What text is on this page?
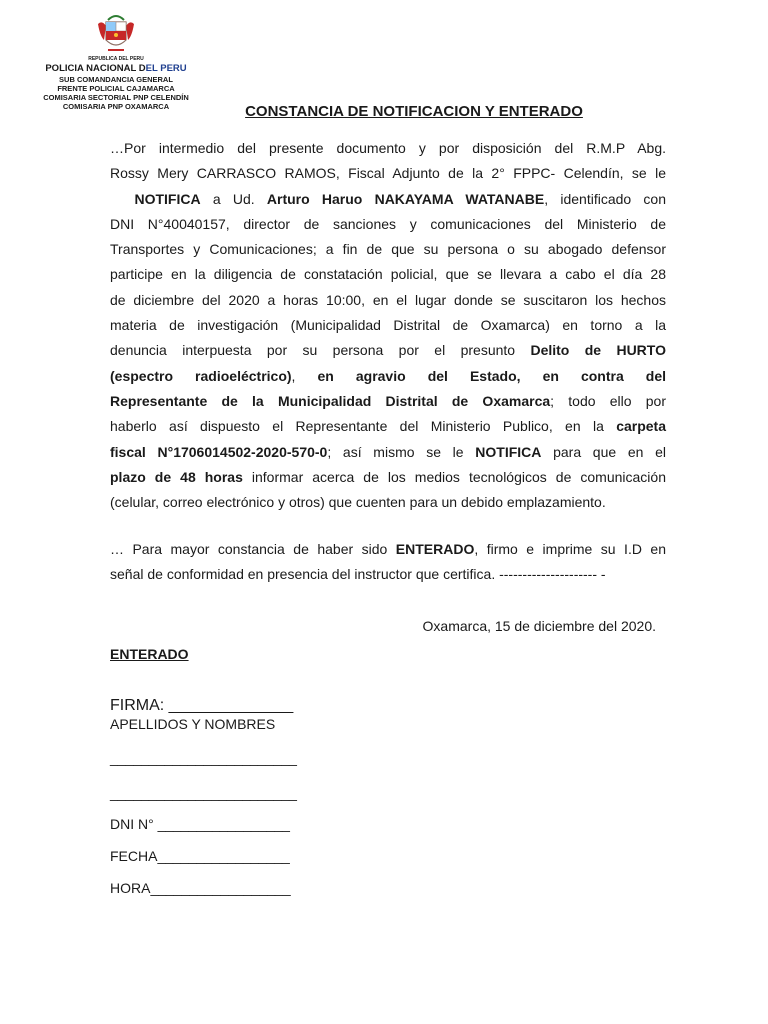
REPUBLICA DEL PERU
POLICIA NACIONAL DEL PERU
SUB COMANDANCIA GENERAL
FRENTE POLICIAL CAJAMARCA
COMISARIA SECTORIAL PNP CELENDÍN
COMISARIA PNP OXAMARCA	CONSTANCIA DE NOTIFICACION Y ENTERADO
…Por intermedio del presente documento y por disposición del R.M.P Abg.
Rossy Mery CARRASCO RAMOS, Fiscal Adjunto de la 2° FPPC- Celendín, se le
NOTIFICA a Ud. Arturo Haruo NAKAYAMA WATANABE, identificado con
DNI N°40040157, director de sanciones y comunicaciones del Ministerio de
Transportes y Comunicaciones; a fin de que su persona o su abogado defensor
participe en la diligencia de constatación policial, que se llevara a cabo el día 28
de diciembre del 2020 a horas 10:00, en el lugar donde se suscitaron los hechos
materia de investigación (Municipalidad Distrital de Oxamarca) en torno a la
denuncia interpuesta por su persona por el presunto Delito de HURTO
(espectro radioeléctrico), en agravio del Estado, en contra del
Representante de la Municipalidad Distrital de Oxamarca; todo ello por
haberlo así dispuesto el Representante del Ministerio Publico, en la carpeta
fiscal N°1706014502-2020-570-0; así mismo se le NOTIFICA para que en el
plazo de 48 horas informar acerca de los medios tecnológicos de comunicación
(celular, correo electrónico y otros) que cuenten para un debido emplazamiento.
… Para mayor constancia de haber sido ENTERADO, firmo e imprime su I.D en
señal de conformidad en presencia del instructor que certifica. --------------------- -
Oxamarca, 15 de diciembre del 2020.
ENTERADO
FIRMA: ______________
APELLIDOS Y NOMBRES
________________________
________________________
DNI N° _________________
FECHA_________________
HORA__________________
